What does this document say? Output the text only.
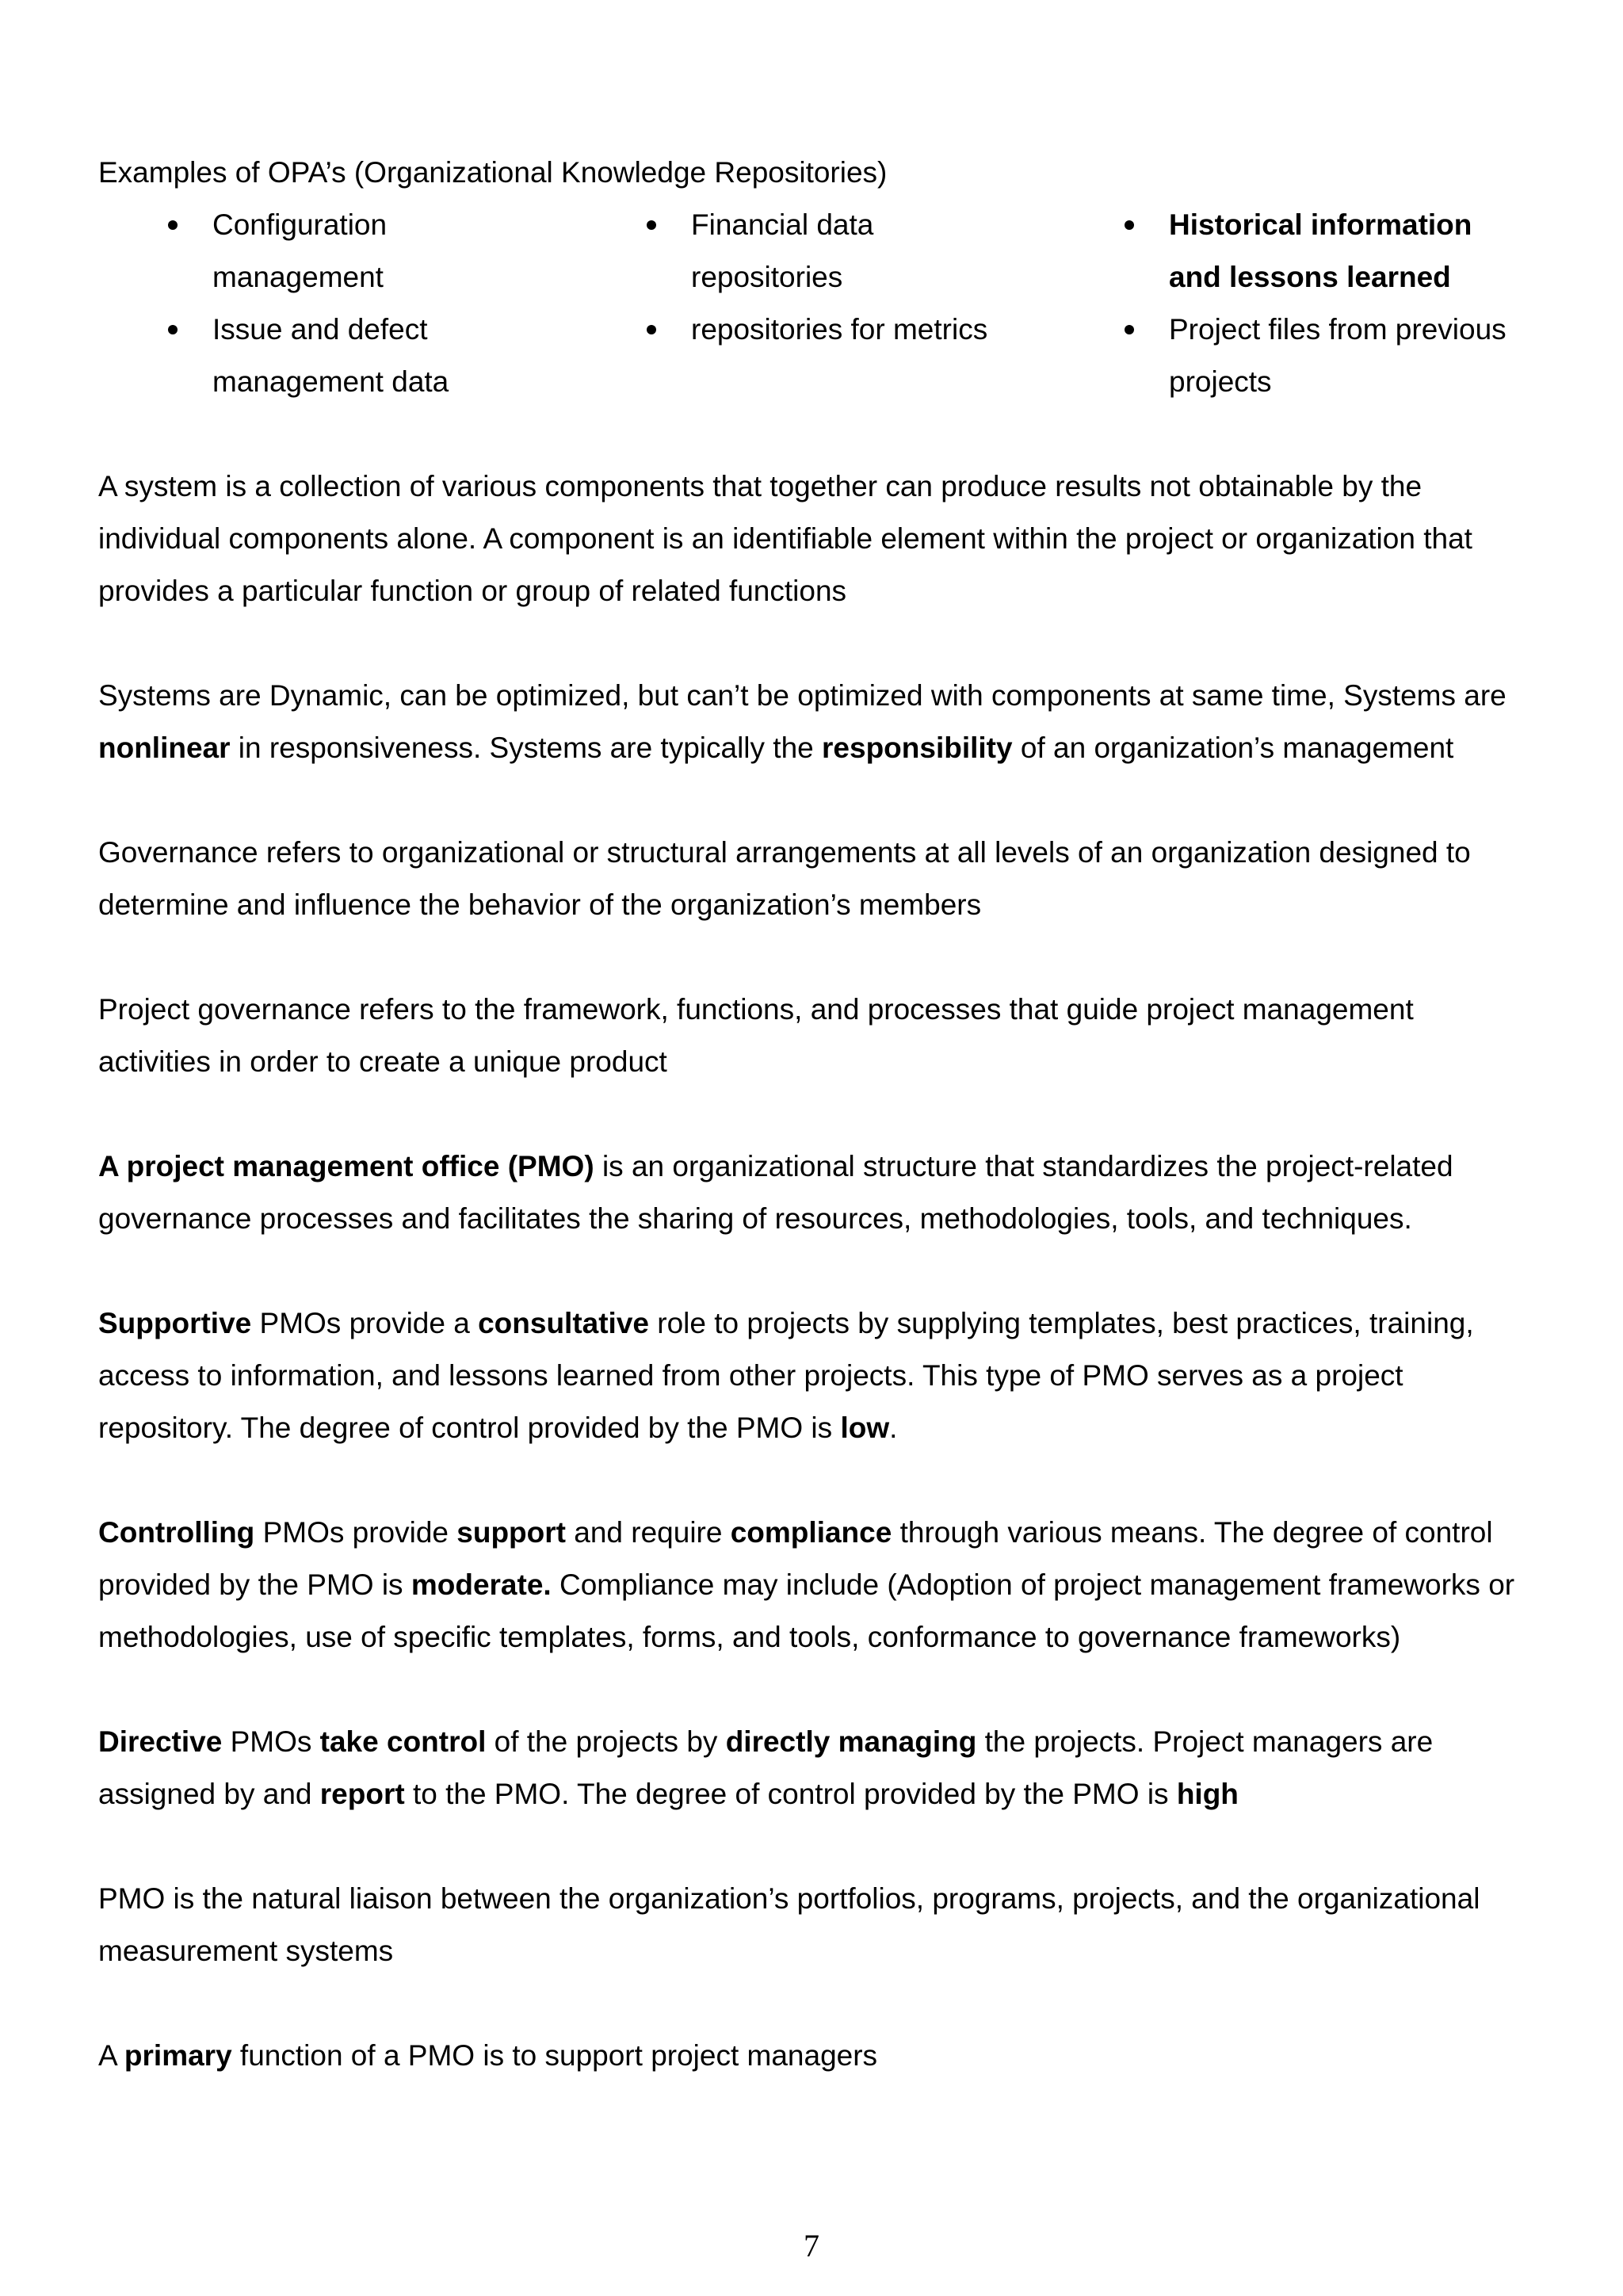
Examples of OPA’s (Organizational Knowledge Repositories)

Configuration management
Issue and defect management data
Financial data repositories
repositories for metrics
Historical information and lessons learned
Project files from previous projects

A system is a collection of various components that together can produce results not obtainable by the individual components alone. A component is an identifiable element within the project or organization that provides a particular function or group of related functions

Systems are Dynamic, can be optimized, but can’t be optimized with components at same time, Systems are nonlinear in responsiveness. Systems are typically the responsibility of an organization’s management

Governance refers to organizational or structural arrangements at all levels of an organization designed to determine and influence the behavior of the organization’s members

Project governance refers to the framework, functions, and processes that guide project management activities in order to create a unique product

A project management office (PMO) is an organizational structure that standardizes the project-related governance processes and facilitates the sharing of resources, methodologies, tools, and techniques.

Supportive PMOs provide a consultative role to projects by supplying templates, best practices, training, access to information, and lessons learned from other projects. This type of PMO serves as a project repository. The degree of control provided by the PMO is low.

Controlling PMOs provide support and require compliance through various means. The degree of control provided by the PMO is moderate. Compliance may include (Adoption of project management frameworks or methodologies, use of specific templates, forms, and tools, conformance to governance frameworks)

Directive PMOs take control of the projects by directly managing the projects. Project managers are assigned by and report to the PMO. The degree of control provided by the PMO is high

PMO is the natural liaison between the organization’s portfolios, programs, projects, and the organizational measurement systems

A primary function of a PMO is to support project managers

7
